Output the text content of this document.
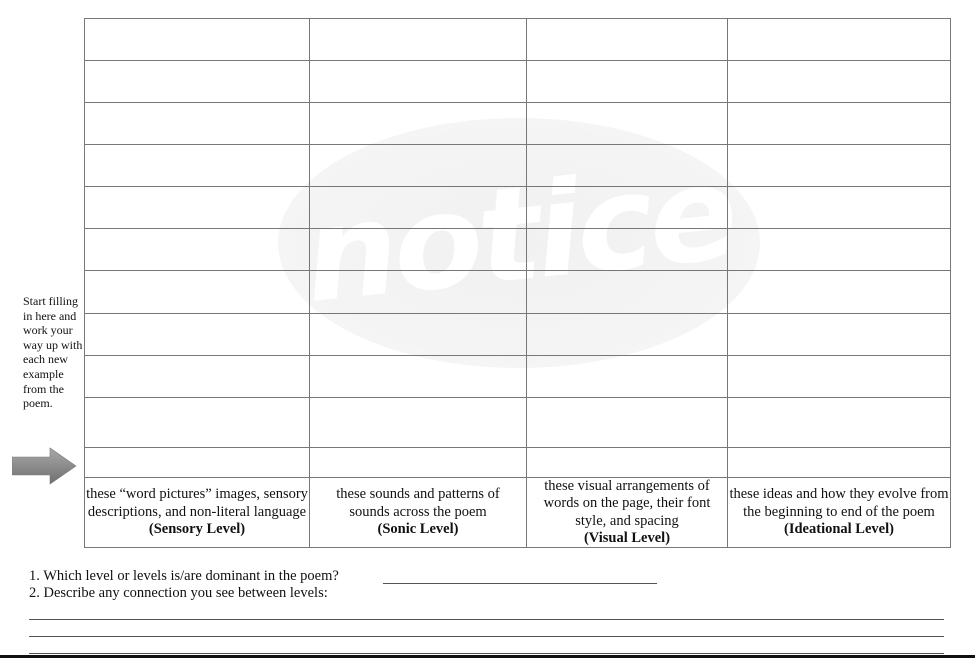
notice
Start filling in here and work your way up with each new example from the poem.
these “word pictures” images, sensory descriptions, and non-literal language
(Sensory Level)
these sounds and patterns of sounds across the poem
(Sonic Level)
these visual arrangements of words on the page, their font style, and spacing
(Visual Level)
these ideas and how they evolve from the beginning to end of the poem
(Ideational Level)
1. Which level or levels is/are dominant in the poem?
2. Describe any connection you see between levels:
